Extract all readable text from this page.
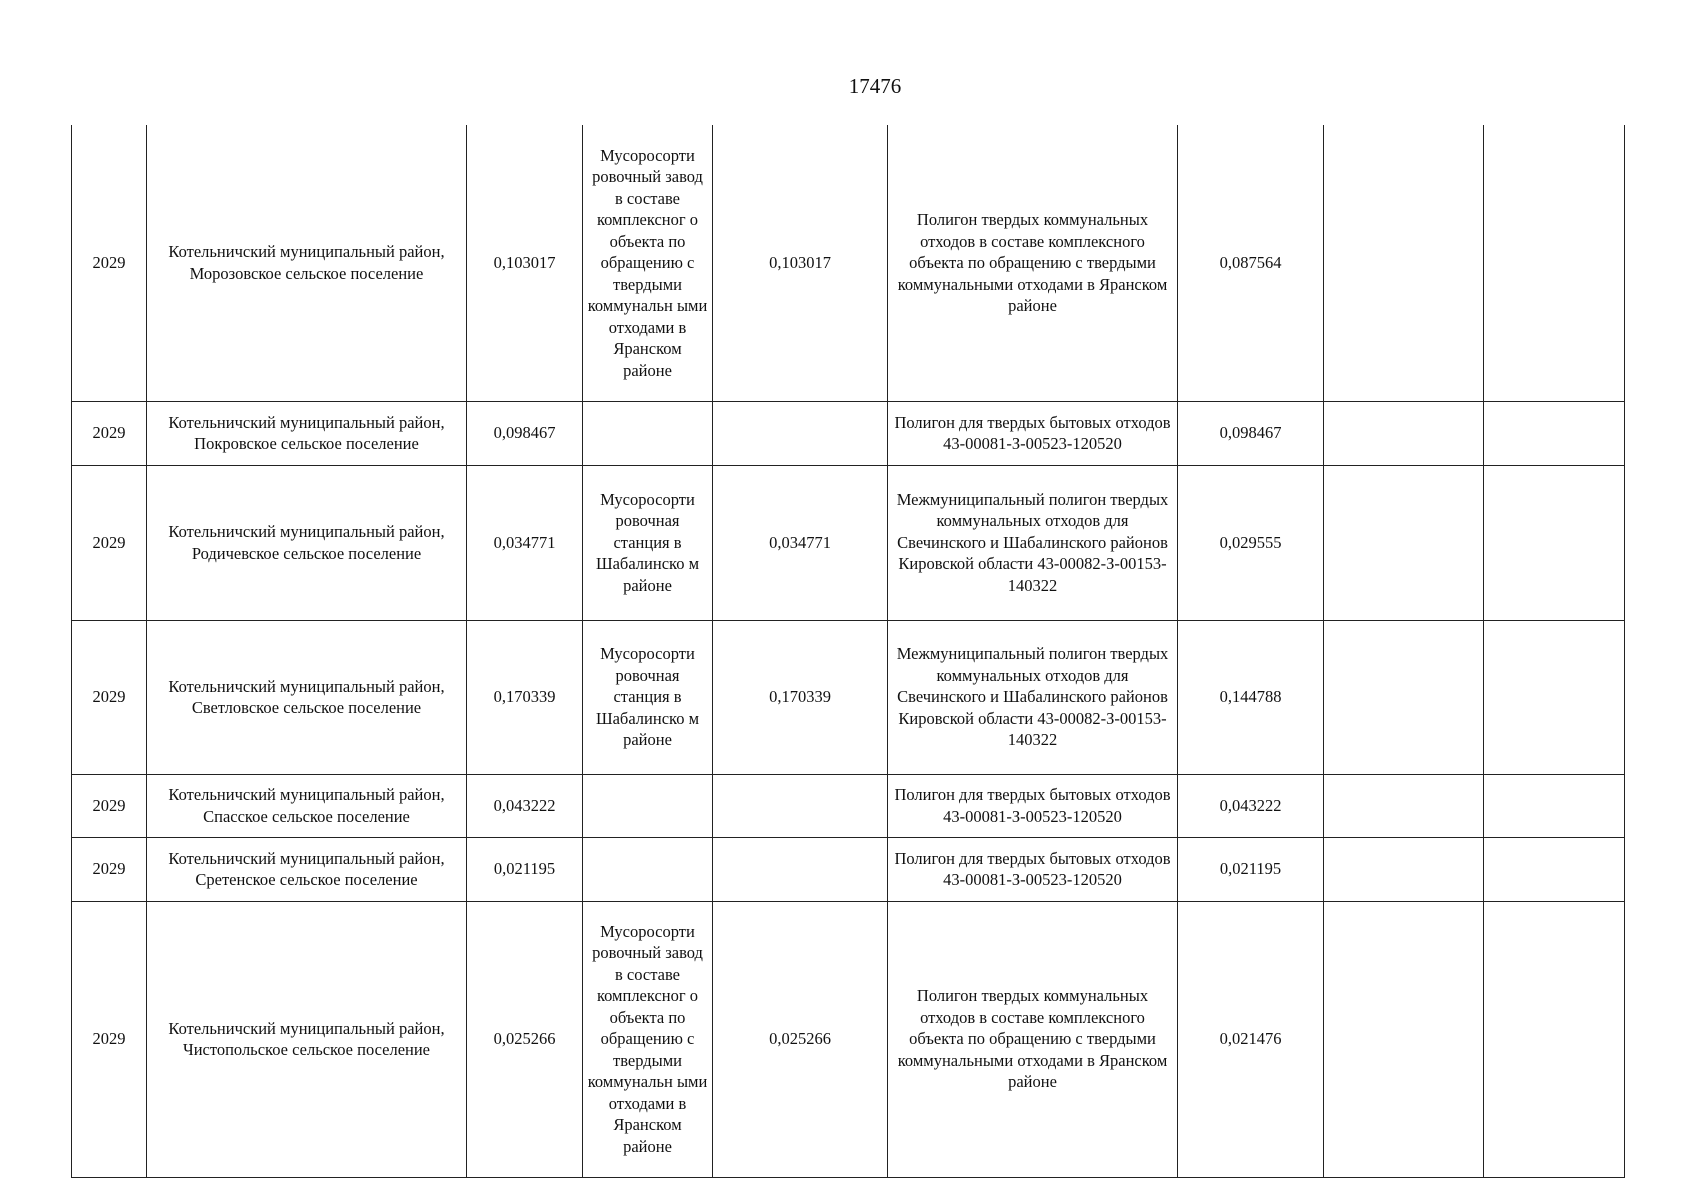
17476
2029	Котельничский муниципальный район, Морозовское сельское поселение	0,103017	Мусоросорти ровочный завод в составе комплексног о объекта по обращению с твердыми коммунальн ыми отходами в Яранском районе	0,103017	Полигон твердых коммунальных отходов в составе комплексного объекта по обращению с твердыми коммунальными отходами в Яранском районе	0,087564		
2029	Котельничский муниципальный район, Покровское сельское поселение	0,098467			Полигон для твердых бытовых отходов 43-00081-З-00523-120520	0,098467		
2029	Котельничский муниципальный район, Родичевское сельское поселение	0,034771	Мусоросорти ровочная станция в Шабалинско м районе	0,034771	Межмуниципальный полигон твердых коммунальных отходов для Свечинского и Шабалинского районов Кировской области 43-00082-З-00153-140322	0,029555		
2029	Котельничский муниципальный район, Светловское сельское поселение	0,170339	Мусоросорти ровочная станция в Шабалинско м районе	0,170339	Межмуниципальный полигон твердых коммунальных отходов для Свечинского и Шабалинского районов Кировской области 43-00082-З-00153-140322	0,144788		
2029	Котельничский муниципальный район, Спасское сельское поселение	0,043222			Полигон для твердых бытовых отходов 43-00081-З-00523-120520	0,043222		
2029	Котельничский муниципальный район, Сретенское сельское поселение	0,021195			Полигон для твердых бытовых отходов 43-00081-З-00523-120520	0,021195		
2029	Котельничский муниципальный район, Чистопольское сельское поселение	0,025266	Мусоросорти ровочный завод в составе комплексног о объекта по обращению с твердыми коммунальн ыми отходами в Яранском районе	0,025266	Полигон твердых коммунальных отходов в составе комплексного объекта по обращению с твердыми коммунальными отходами в Яранском районе	0,021476		
